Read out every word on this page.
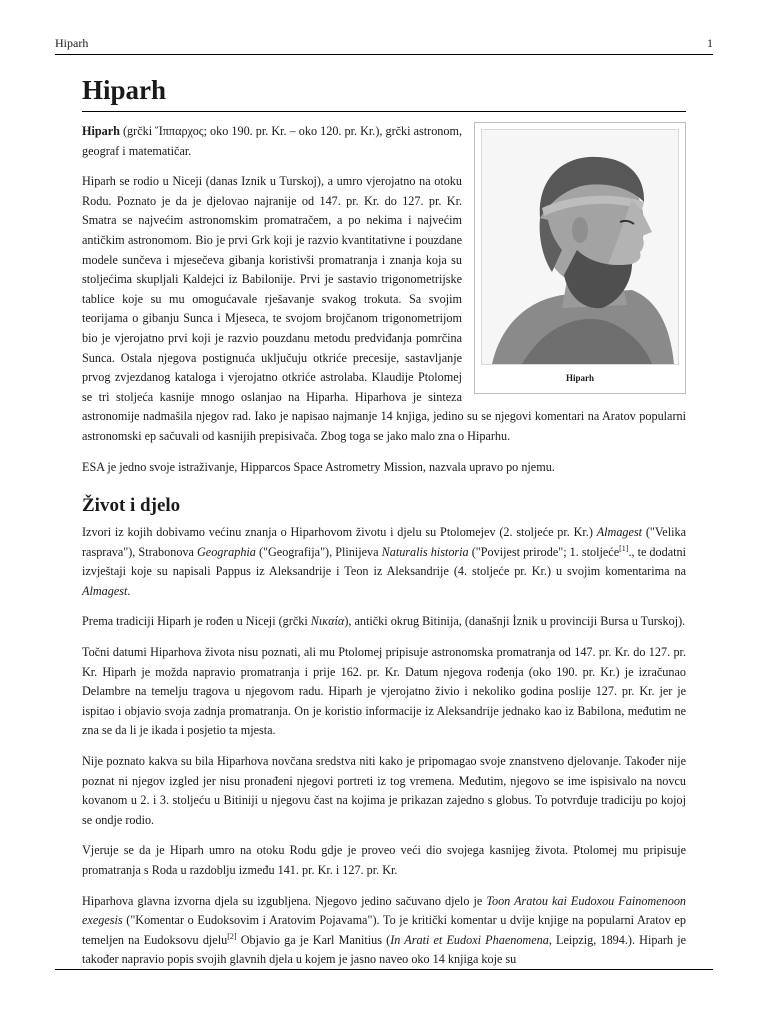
Hiparh	1
Hiparh
Hiparh

Hiparh (grčki Ἵππαρχος; oko 190. pr. Kr. – oko 120. pr. Kr.), grčki astronom, geograf i matematičar.

Hiparh se rodio u Niceji (danas Iznik u Turskoj), a umro vjerojatno na otoku Rodu. Poznato je da je djelovao najranije od 147. pr. Kr. do 127. pr. Kr. Smatra se najvećim astronomskim promatračem, a po nekima i najvećim antičkim astronomom. Bio je prvi Grk koji je razvio kvantitativne i pouzdane modele sunčeva i mjesečeva gibanja koristivši promatranja i znanja koja su stoljećima skupljali Kaldejci iz Babilonije. Prvi je sastavio trigonometrijske tablice koje su mu omogućavale rješavanje svakog trokuta. Sa svojim teorijama o gibanju Sunca i Mjeseca, te svojom brojčanom trigonometrijom bio je vjerojatno prvi koji je razvio pouzdanu metodu predviđanja pomrčina Sunca. Ostala njegova postignuća uključuju otkriće precesije, sastavljanje prvog zvjezdanog kataloga i vjerojatno otkriće astrolaba. Klaudije Ptolomej se tri stoljeća kasnije mnogo oslanjao na Hiparha. Hiparhova je sinteza astronomije nadmašila njegov rad. Iako je napisao najmanje 14 knjiga, jedino su se njegovi komentari na Aratov popularni astronomski ep sačuvali od kasnijih prepisivača. Zbog toga se jako malo zna o Hiparhu.

ESA je jedno svoje istraživanje, Hipparcos Space Astrometry Mission, nazvala upravo po njemu.

Život i djelo

Izvori iz kojih dobivamo većinu znanja o Hiparhovom životu i djelu su Ptolomejev (2. stoljeće pr. Kr.) Almagest ("Velika rasprava"), Strabonova Geographia ("Geografija"), Plinijeva Naturalis historia ("Povijest prirode"; 1. stoljeće[1]., te dodatni izvještaji koje su napisali Pappus iz Aleksandrije i Teon iz Aleksandrije (4. stoljeće pr. Kr.) u svojim komentarima na Almagest.

Prema tradiciji Hiparh je rođen u Niceji (grčki Νικαία), antički okrug Bitinija, (današnji İznik u provinciji Bursa u Turskoj).

Točni datumi Hiparhova života nisu poznati, ali mu Ptolomej pripisuje astronomska promatranja od 147. pr. Kr. do 127. pr. Kr. Hiparh je možda napravio promatranja i prije 162. pr. Kr. Datum njegova rođenja (oko 190. pr. Kr.) je izračunao Delambre na temelju tragova u njegovom radu. Hiparh je vjerojatno živio i nekoliko godina poslije 127. pr. Kr. jer je ispitao i objavio svoja zadnja promatranja. On je koristio informacije iz Aleksandrije jednako kao iz Babilona, međutim ne zna se da li je ikada i posjetio ta mjesta.

Nije poznato kakva su bila Hiparhova novčana sredstva niti kako je pripomagao svoje znanstveno djelovanje. Također nije poznat ni njegov izgled jer nisu pronađeni njegovi portreti iz tog vremena. Međutim, njegovo se ime ispisivalo na novcu kovanom u 2. i 3. stoljeću u Bitiniji u njegovu čast na kojima je prikazan zajedno s globus. To potvrđuje tradiciju po kojoj se ondje rodio.

Vjeruje se da je Hiparh umro na otoku Rodu gdje je proveo veći dio svojega kasnijeg života. Ptolomej mu pripisuje promatranja s Roda u razdoblju između 141. pr. Kr. i 127. pr. Kr.

Hiparhova glavna izvorna djela su izgubljena. Njegovo jedino sačuvano djelo je Toon Aratou kai Eudoxou Fainomenoon exegesis ("Komentar o Eudoksovim i Aratovim Pojavama"). To je kritički komentar u dvije knjige na popularni Aratov ep temeljen na Eudoksovu djelu[2] Objavio ga je Karl Manitius (In Arati et Eudoxi Phaenomena, Leipzig, 1894.). Hiparh je također napravio popis svojih glavnih djela u kojem je jasno naveo oko 14 knjiga koje su
